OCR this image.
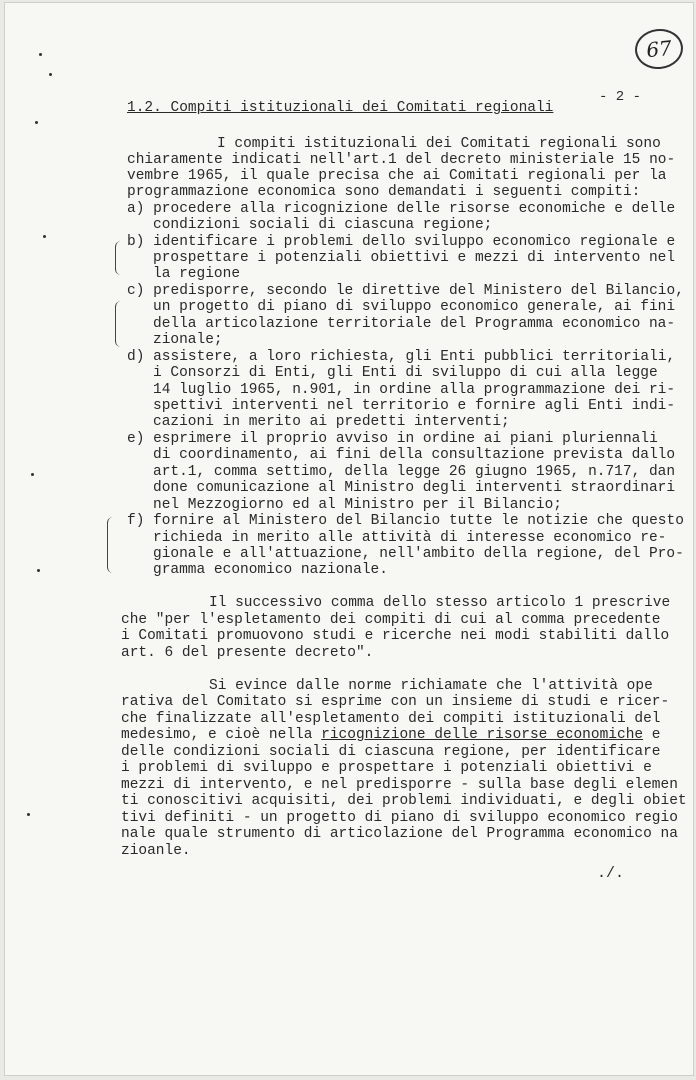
67
- 2 -
1.2. Compiti istituzionali dei Comitati regionali
I compiti istituzionali dei Comitati regionali sono
chiaramente indicati nell'art.1 del decreto ministeriale 15 no-
vembre 1965, il quale precisa che ai Comitati regionali per la
programmazione economica sono demandati i seguenti compiti:
a) procedere alla ricognizione delle risorse economiche e delle
condizioni sociali di ciascuna regione;
b) identificare i problemi dello sviluppo economico regionale e
prospettare i potenziali obiettivi e mezzi di intervento nel
la regione
c) predisporre, secondo le direttive del Ministero del Bilancio,
un progetto di piano di sviluppo economico generale, ai fini
della articolazione territoriale del Programma economico na-
zionale;
d) assistere, a loro richiesta, gli Enti pubblici territoriali,
i Consorzi di Enti, gli Enti di sviluppo di cui alla legge
14 luglio 1965, n.901, in ordine alla programmazione dei ri-
spettivi interventi nel territorio e fornire agli Enti indi-
cazioni in merito ai predetti interventi;
e) esprimere il proprio avviso in ordine ai piani pluriennali
di coordinamento, ai fini della consultazione prevista dallo
art.1, comma settimo, della legge 26 giugno 1965, n.717, dan
done comunicazione al Ministro degli interventi straordinari
nel Mezzogiorno ed al Ministro per il Bilancio;
f) fornire al Ministero del Bilancio tutte le notizie che questo
richieda in merito alle attività di interesse economico re-
gionale e all'attuazione, nell'ambito della regione, del Pro-
gramma economico nazionale.
Il successivo comma dello stesso articolo 1 prescrive
che "per l'espletamento dei compiti di cui al comma precedente
i Comitati promuovono studi e ricerche nei modi stabiliti dallo
art. 6 del presente decreto".
Si evince dalle norme richiamate che l'attività ope
rativa del Comitato si esprime con un insieme di studi e ricer-
che finalizzate all'espletamento dei compiti istituzionali del
medesimo, e cioè nella ricognizione delle risorse economiche e
delle condizioni sociali di ciascuna regione, per identificare
i problemi di sviluppo e prospettare i potenziali obiettivi e
mezzi di intervento, e nel predisporre - sulla base degli elemen
ti conoscitivi acquisiti, dei problemi individuati, e degli obiet
tivi definiti - un progetto di piano di sviluppo economico regio
nale quale strumento di articolazione del Programma economico na
zioanle.
./.
